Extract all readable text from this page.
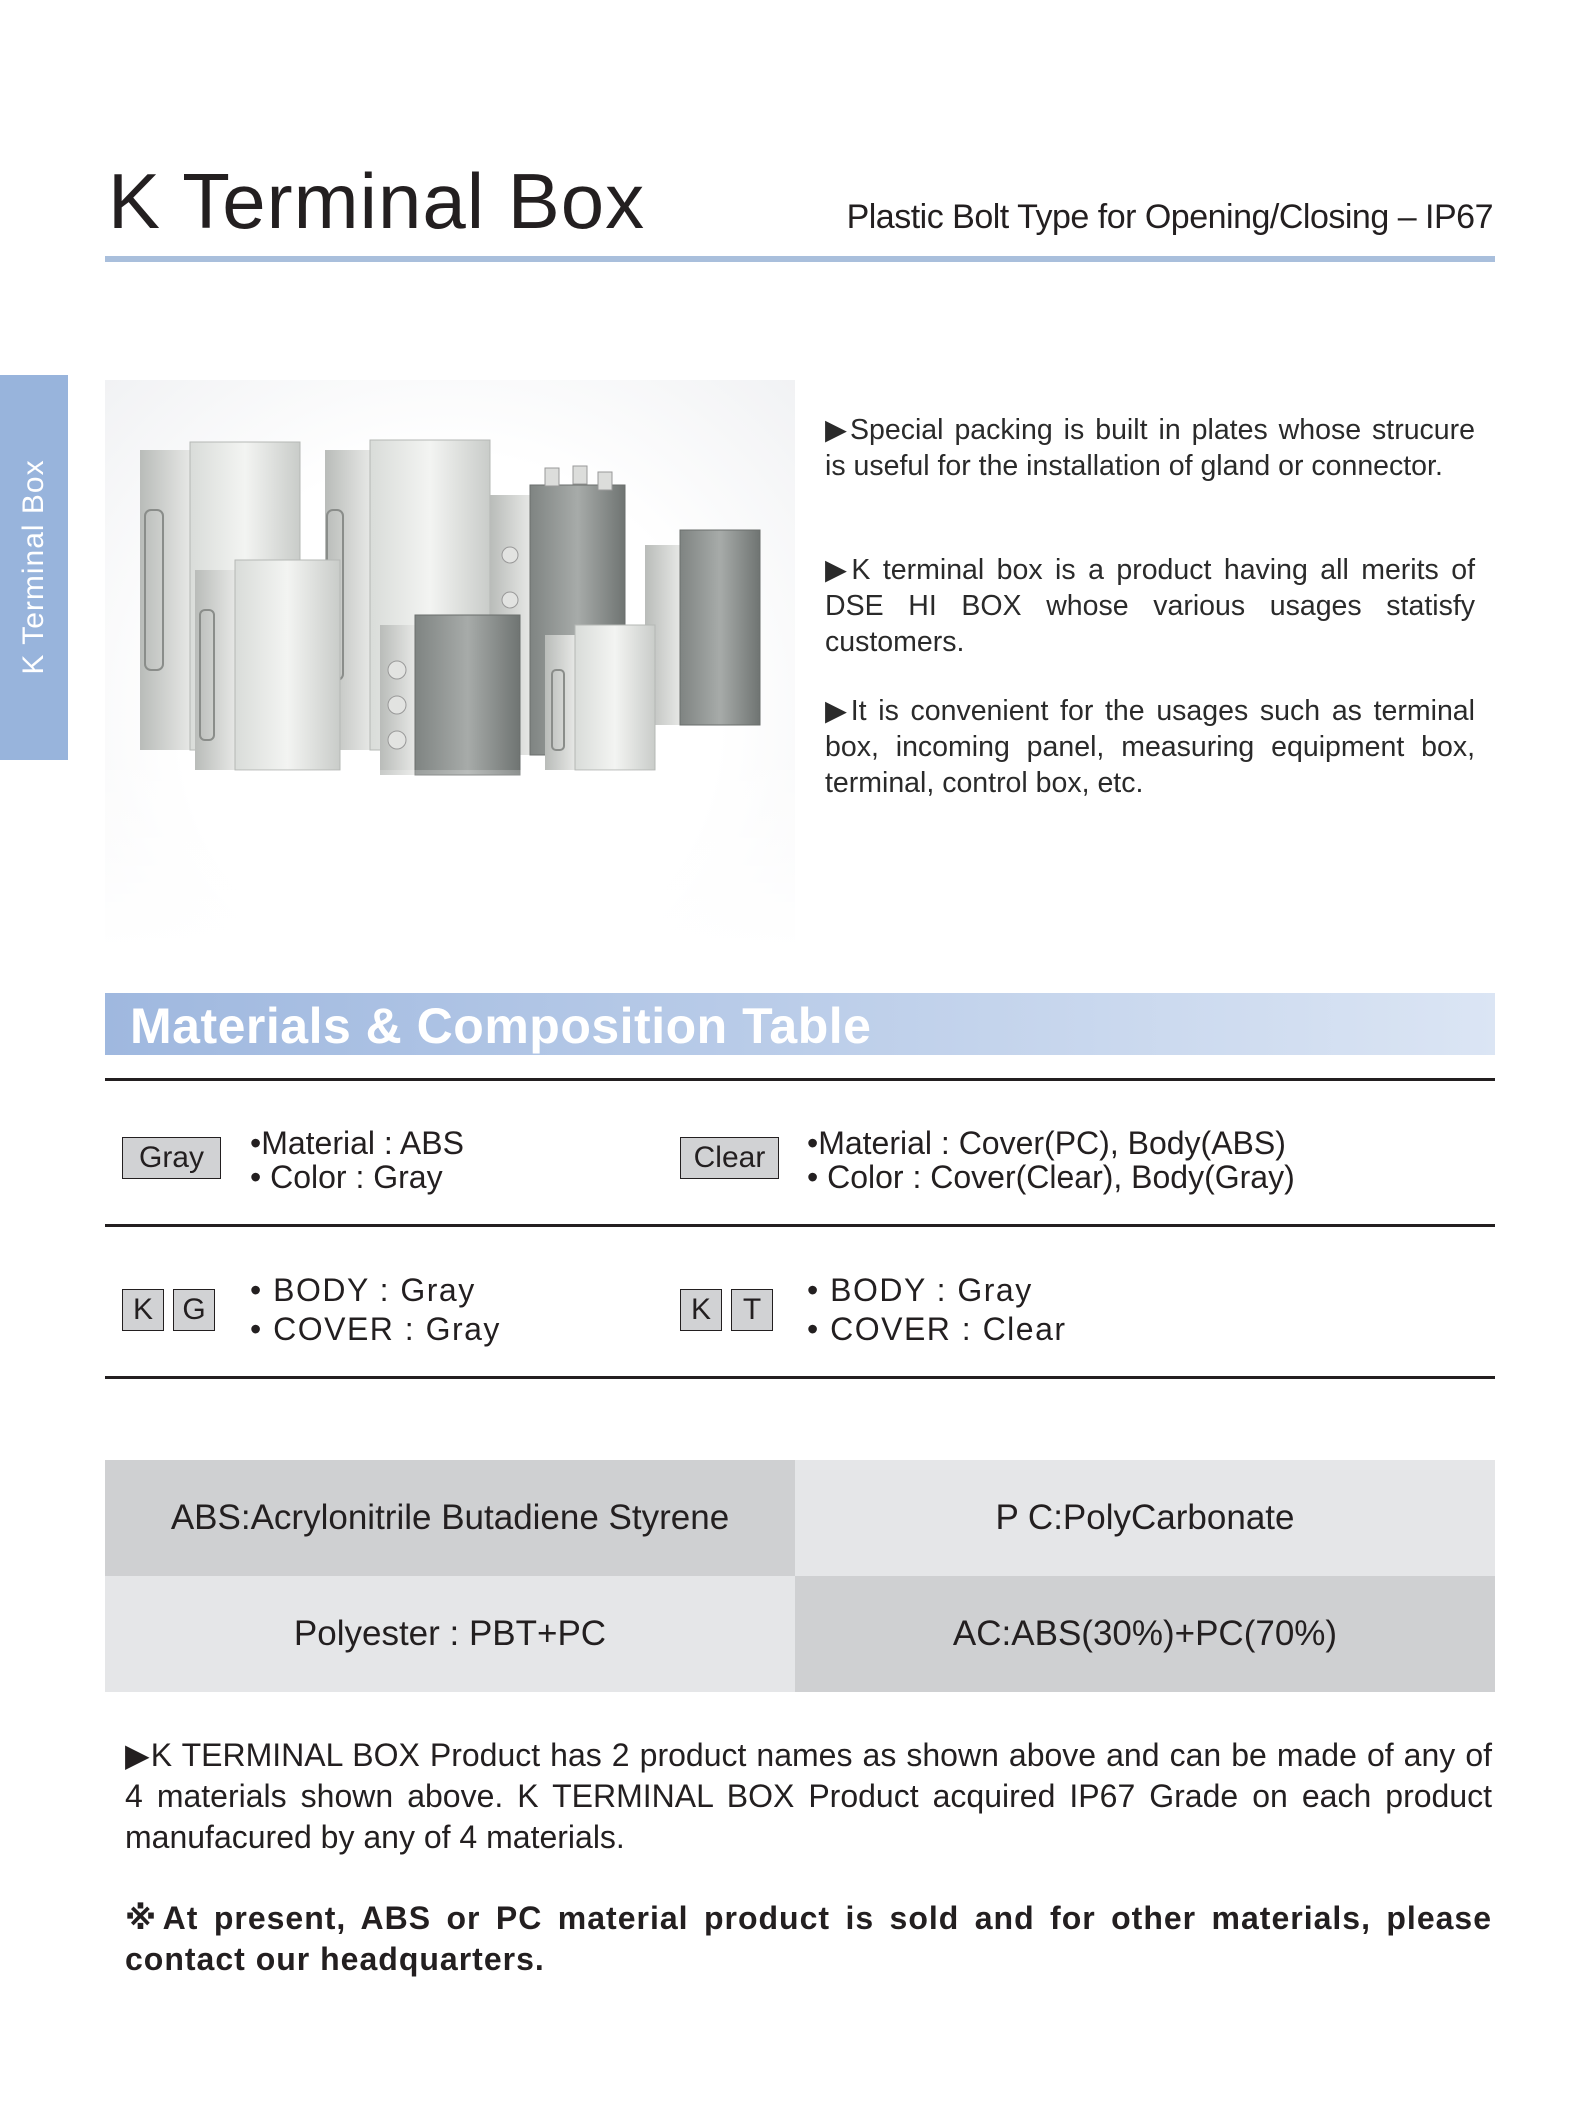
K Terminal Box	Plastic Bolt Type for Opening/Closing – IP67
K Terminal Box
▶Special packing is built in plates whose strucure is useful for the installation of gland or connector.
▶K terminal box is a product having all merits of DSE HI BOX whose various usages statisfy customers.
▶It is convenient for the usages such as terminal box, incoming panel, measuring equipment box, terminal, control box, etc.
Materials & Composition Table
Gray	•Material : ABS
• Color : Gray
Clear	•Material : Cover(PC), Body(ABS)
• Color : Cover(Clear), Body(Gray)
K G
• BODY : Gray
• COVER : Gray
K	T
• BODY : Gray
• COVER : Clear
ABS:Acrylonitrile Butadiene Styrene	P C:PolyCarbonate
Polyester : PBT+PC	AC:ABS(30%)+PC(70%)
▶K TERMINAL BOX Product has 2 product names as shown above and can be made of any of 4 materials shown above. K TERMINAL BOX Product acquired IP67 Grade on each product manufacured by any of 4 materials.
※At present, ABS or PC material product is sold and for other materials, please contact our headquarters.
